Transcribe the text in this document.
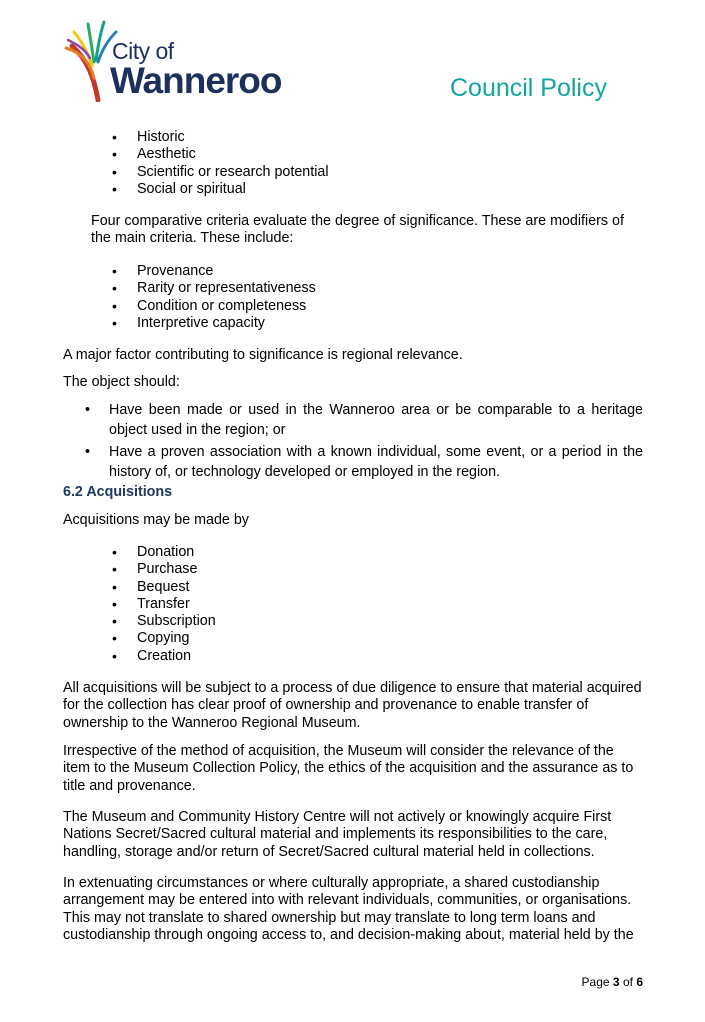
City of
Wanneroo	Council Policy
• Historic
• Aesthetic
• Scientific or research potential
• Social or spiritual

Four comparative criteria evaluate the degree of significance. These are modifiers of the main criteria. These include:

• Provenance
• Rarity or representativeness
• Condition or completeness
• Interpretive capacity

A major factor contributing to significance is regional relevance.

The object should:

• Have been made or used in the Wanneroo area or be comparable to a heritage object used in the region; or
• Have a proven association with a known individual, some event, or a period in the history of, or technology developed or employed in the region.
6.2 Acquisitions

Acquisitions may be made by

• Donation
• Purchase
• Bequest
• Transfer
• Subscription
• Copying
• Creation

All acquisitions will be subject to a process of due diligence to ensure that material acquired for the collection has clear proof of ownership and provenance to enable transfer of ownership to the Wanneroo Regional Museum.

Irrespective of the method of acquisition, the Museum will consider the relevance of the item to the Museum Collection Policy, the ethics of the acquisition and the assurance as to title and provenance.

The Museum and Community History Centre will not actively or knowingly acquire First Nations Secret/Sacred cultural material and implements its responsibilities to the care, handling, storage and/or return of Secret/Sacred cultural material held in collections.

In extenuating circumstances or where culturally appropriate, a shared custodianship arrangement may be entered into with relevant individuals, communities, or organisations. This may not translate to shared ownership but may translate to long term loans and custodianship through ongoing access to, and decision-making about, material held by the

Page 3 of 6
